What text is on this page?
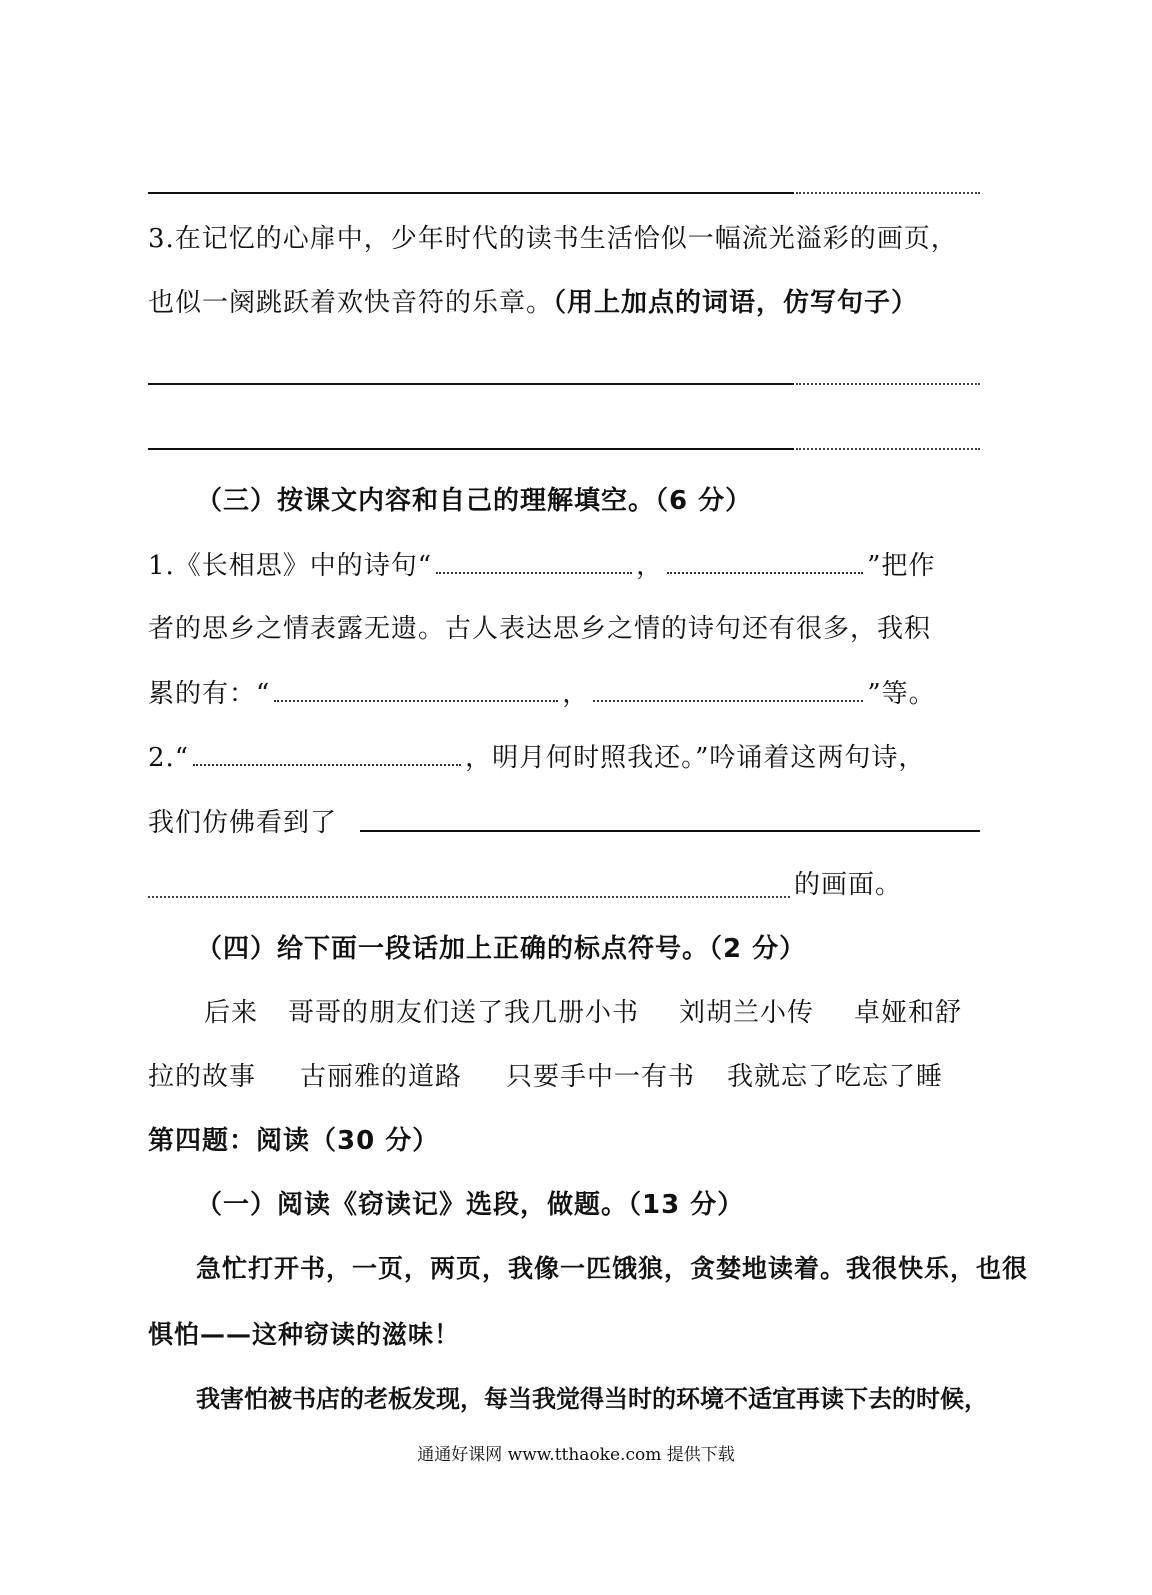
3.在记忆的心扉中，少年时代的读书生活恰似一幅流光溢彩的画页，
也似一阕跳跃着欢快音符的乐章。（用上加点的词语，仿写句子）
（三）按课文内容和自己的理解填空。（6 分）
1.《长相思》中的诗句“	，	”把作
者的思乡之情表露无遗。古人表达思乡之情的诗句还有很多，我积
累的有：“	，	”等。
2.“	，明月何时照我还。”吟诵着这两句诗，
我们仿佛看到了
的画面。
（四）给下面一段话加上正确的标点符号。（2 分）
后来 哥哥的朋友们送了我几册小书 刘胡兰小传 卓娅和舒
拉的故事 古丽雅的道路 只要手中一有书 我就忘了吃忘了睡
第四题：阅读（30 分）
（一）阅读《窃读记》选段，做题。（13 分）
急忙打开书，一页，两页，我像一匹饿狼，贪婪地读着。我很快乐，也很
惧怕——这种窃读的滋味！
我害怕被书店的老板发现，每当我觉得当时的环境不适宜再读下去的时候，
通通好课网 www.tthaoke.com 提供下载
